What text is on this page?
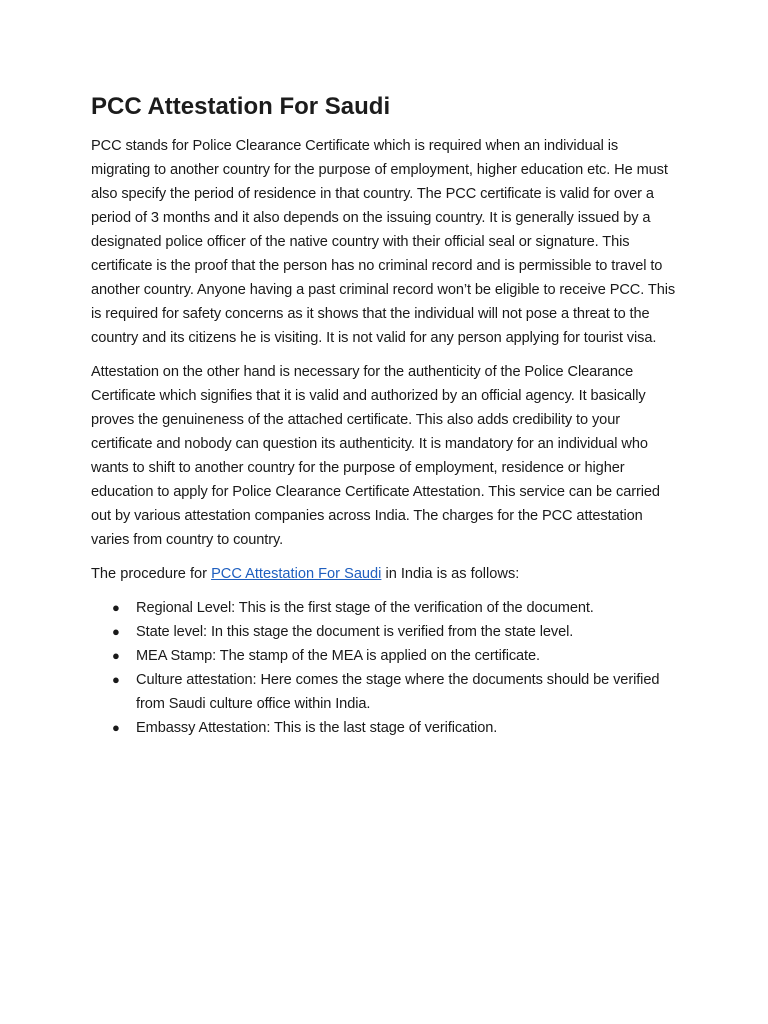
PCC Attestation For Saudi

PCC stands for Police Clearance Certificate which is required when an individual is migrating to another country for the purpose of employment, higher education etc. He must also specify the period of residence in that country. The PCC certificate is valid for over a period of 3 months and it also depends on the issuing country. It is generally issued by a designated police officer of the native country with their official seal or signature. This certificate is the proof that the person has no criminal record and is permissible to travel to another country. Anyone having a past criminal record won’t be eligible to receive PCC. This is required for safety concerns as it shows that the individual will not pose a threat to the country and its citizens he is visiting. It is not valid for any person applying for tourist visa.

Attestation on the other hand is necessary for the authenticity of the Police Clearance Certificate which signifies that it is valid and authorized by an official agency. It basically proves the genuineness of the attached certificate. This also adds credibility to your certificate and nobody can question its authenticity. It is mandatory for an individual who wants to shift to another country for the purpose of employment, residence or higher education to apply for Police Clearance Certificate Attestation. This service can be carried out by various attestation companies across India. The charges for the PCC attestation varies from country to country.

The procedure for PCC Attestation For Saudi in India is as follows:

● Regional Level: This is the first stage of the verification of the document.
● State level: In this stage the document is verified from the state level.
● MEA Stamp: The stamp of the MEA is applied on the certificate.
● Culture attestation: Here comes the stage where the documents should be verified from Saudi culture office within India.
● Embassy Attestation: This is the last stage of verification.
